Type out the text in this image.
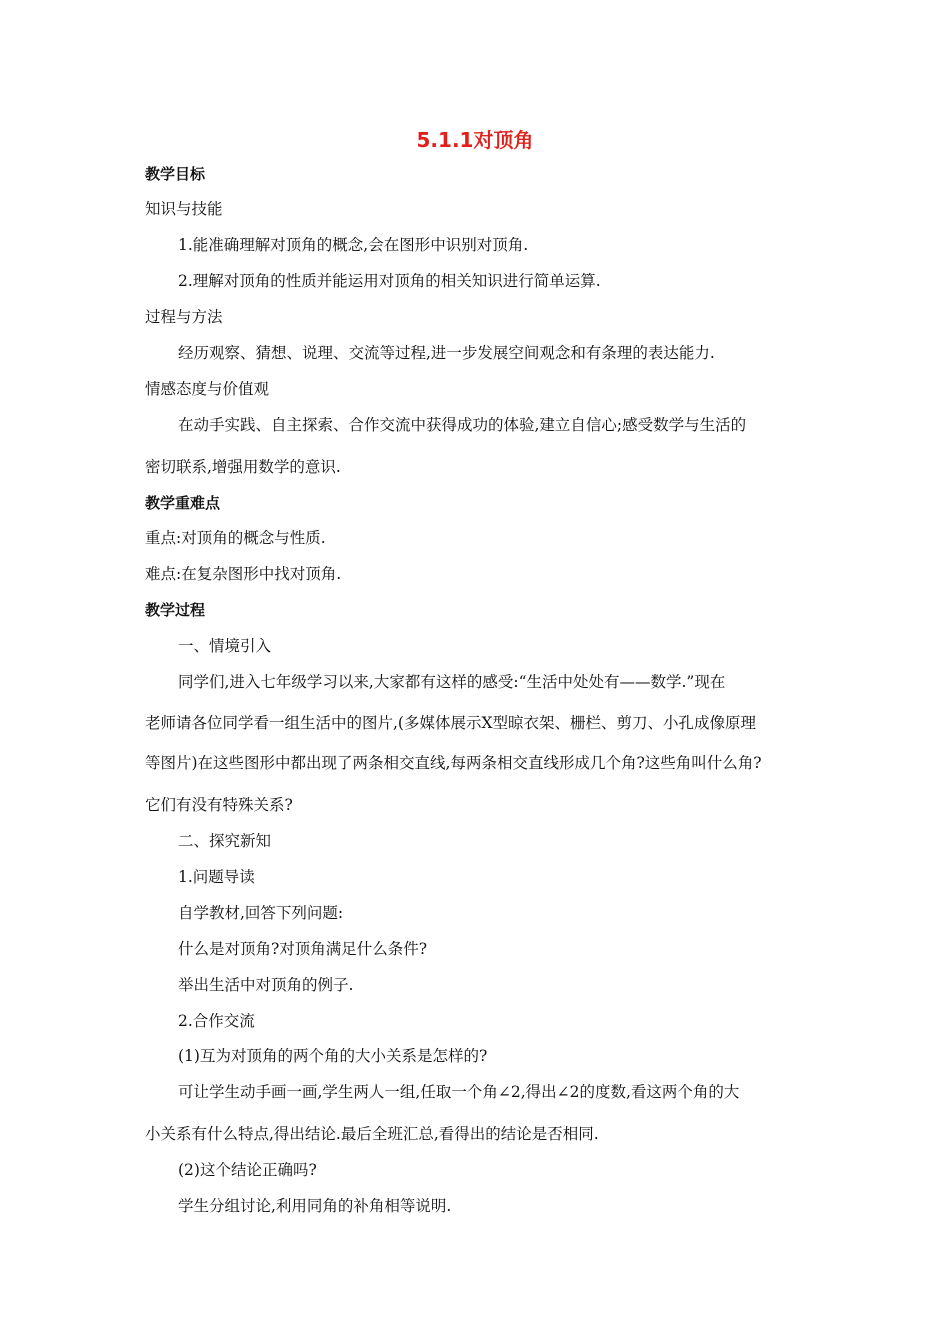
5.1.1对顶角
教学目标
知识与技能
1.能准确理解对顶角的概念,会在图形中识别对顶角.
2.理解对顶角的性质并能运用对顶角的相关知识进行简单运算.
过程与方法
经历观察、猜想、说理、交流等过程,进一步发展空间观念和有条理的表达能力.
情感态度与价值观
在动手实践、自主探索、合作交流中获得成功的体验,建立自信心;感受数学与生活的
密切联系,增强用数学的意识.
教学重难点
重点:对顶角的概念与性质.
难点:在复杂图形中找对顶角.
教学过程
一、情境引入
同学们,进入七年级学习以来,大家都有这样的感受:“生活中处处有——数学.”现在
老师请各位同学看一组生活中的图片,(多媒体展示X型晾衣架、栅栏、剪刀、小孔成像原理
等图片)在这些图形中都出现了两条相交直线,每两条相交直线形成几个角?这些角叫什么角?
它们有没有特殊关系?
二、探究新知
1.问题导读
自学教材,回答下列问题:
什么是对顶角?对顶角满足什么条件?
举出生活中对顶角的例子.
2.合作交流
(1)互为对顶角的两个角的大小关系是怎样的?
可让学生动手画一画,学生两人一组,任取一个角∠2,得出∠2的度数,看这两个角的大
小关系有什么特点,得出结论.最后全班汇总,看得出的结论是否相同.
(2)这个结论正确吗?
学生分组讨论,利用同角的补角相等说明.
